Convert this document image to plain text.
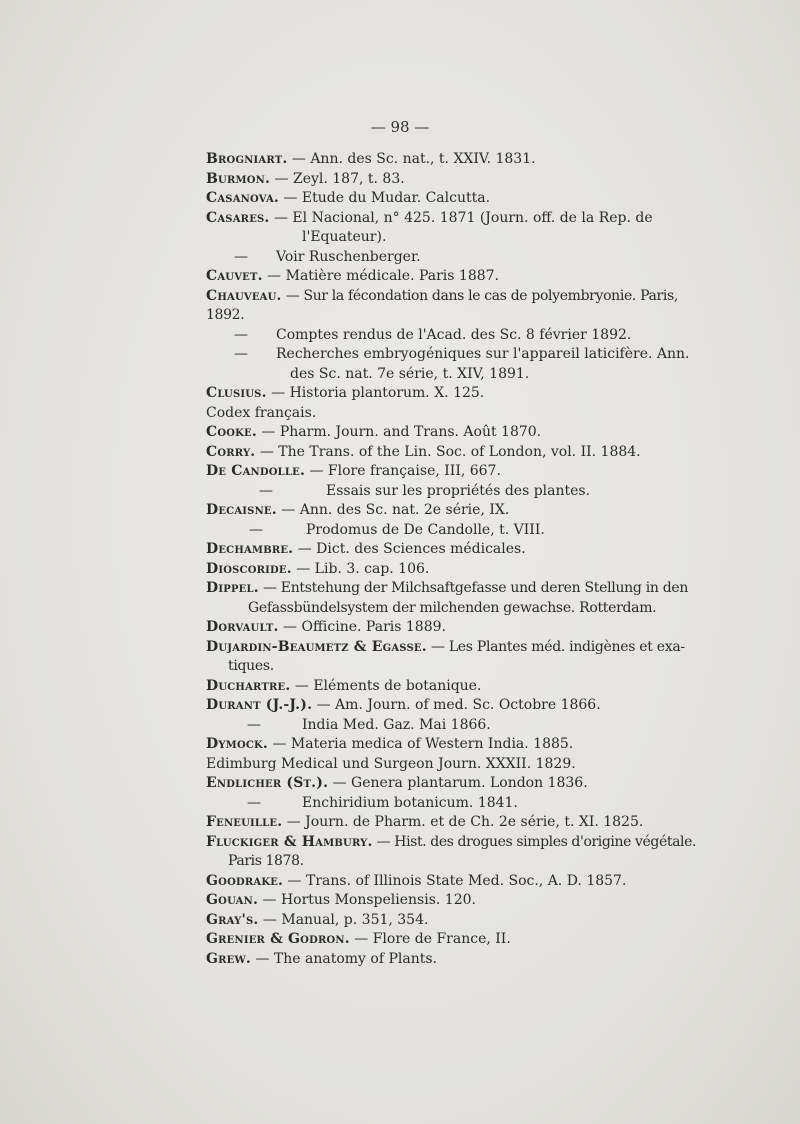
— 98 —

Brogniart. — Ann. des Sc. nat., t. XXIV. 1831.

Burmon. — Zeyl. 187, t. 83.

Casanova. — Etude du Mudar. Calcutta.

Casares. — El Nacional, n° 425. 1871 (Journ. off. de la Rep. de
l'Equateur).

— Voir Ruschenberger.

Cauvet. — Matière médicale. Paris 1887.

Chauveau. — Sur la fécondation dans le cas de polyembryonie. Paris, 1892.

— Comptes rendus de l'Acad. des Sc. 8 février 1892.

— Recherches embryogéniques sur l'appareil laticifère. Ann.
des Sc. nat. 7e série, t. XIV, 1891.

Clusius. — Historia plantorum. X. 125.

Codex français.

Cooke. — Pharm. Journ. and Trans. Août 1870.

Corry. — The Trans. of the Lin. Soc. of London, vol. II. 1884.

De Candolle. — Flore française, III, 667.

—	Essais sur les propriétés des plantes.

Decaisne. — Ann. des Sc. nat. 2e série, IX.

—	Prodomus de De Candolle, t. VIII.

Dechambre. — Dict. des Sciences médicales.

Dioscoride. — Lib. 3. cap. 106.

Dippel. — Entstehung der Milchsaftgefasse und deren Stellung in den
Gefassbündelsystem der milchenden gewachse. Rotterdam.

Dorvault. — Officine. Paris 1889.

Dujardin-Beaumetz & Egasse. — Les Plantes méd. indigènes et exa-
tiques.

Duchartre. — Eléments de botanique.

Durant (J.-J.). — Am. Journ. of med. Sc. Octobre 1866.

—	India Med. Gaz. Mai 1866.

Dymock. — Materia medica of Western India. 1885.

Edimburg Medical und Surgeon Journ. XXXII. 1829.

Endlicher (St.). — Genera plantarum. London 1836.

—	Enchiridium botanicum. 1841.

Feneuille. — Journ. de Pharm. et de Ch. 2e série, t. XI. 1825.

Fluckiger & Hambury. — Hist. des drogues simples d'origine végétale.
Paris 1878.

Goodrake. — Trans. of Illinois State Med. Soc., A. D. 1857.

Gouan. — Hortus Monspeliensis. 120.

Gray's. — Manual, p. 351, 354.

Grenier & Godron. — Flore de France, II.

Grew. — The anatomy of Plants.
